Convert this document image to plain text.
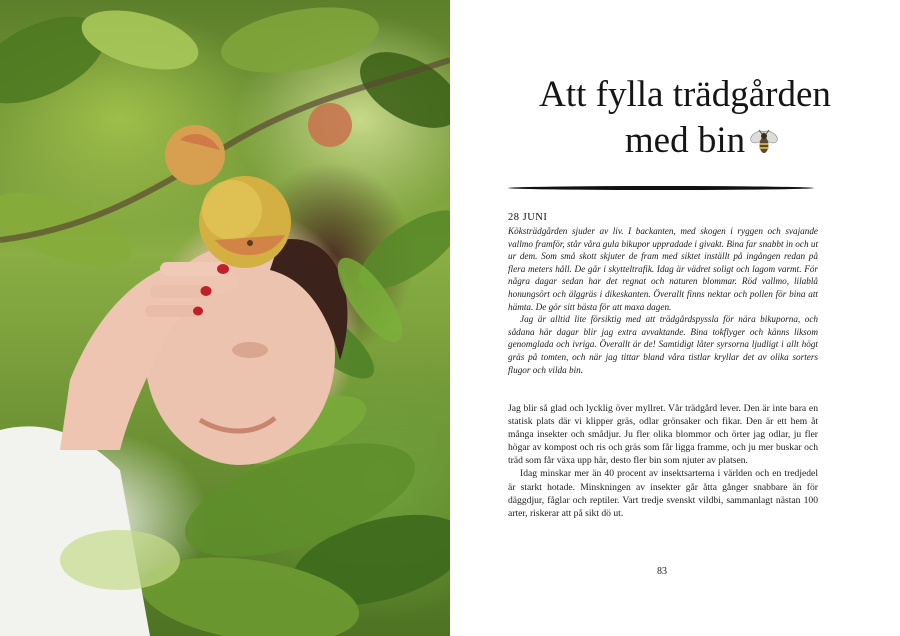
Att fylla trädgården
med bin
28 JUNI

Köksträdgården sjuder av liv. I backanten, med skogen i ryggen och svajande vallmo framför, står våra gula bikupor uppradade i givakt. Bina far snabbt in och ut ur dem. Som små skott skjuter de fram med siktet inställt på ingången redan på flera meters håll. De går i skytteltrafik. Idag är vädret soligt och lagom varmt. För några dagar sedan har det regnat och naturen blommar. Röd vallmo, lilablå honungsört och älggräs i dikeskanten. Överallt finns nektar och pollen för bina att hämta. De gör sitt bästa för att maxa dagen.

Jag är alltid lite försiktig med att trädgårdspyssla för nära bikuporna, och sådana här dagar blir jag extra avvaktande. Bina tokflyger och känns liksom genomglada och ivriga. Överallt är de! Samtidigt låter syrsorna ljudligt i allt högt gräs på tomten, och när jag tittar bland våra tistlar kryllar det av olika sorters flugor och vilda bin.

Jag blir så glad och lycklig över myllret. Vår trädgård lever. Den är inte bara en statisk plats där vi klipper gräs, odlar grönsaker och fikar. Den är ett hem åt många insekter och smådjur. Ju fler olika blommor och örter jag odlar, ju fler högar av kompost och ris och gräs som får ligga framme, och ju mer buskar och träd som får växa upp här, desto fler bin som njuter av platsen.

Idag minskar mer än 40 procent av insektsarterna i världen och en tredjedel är starkt hotade. Minskningen av insekter går åtta gånger snabbare än för däggdjur, fåglar och reptiler. Vart tredje svenskt vildbi, sammanlagt nästan 100 arter, riskerar att på sikt dö ut.

83
